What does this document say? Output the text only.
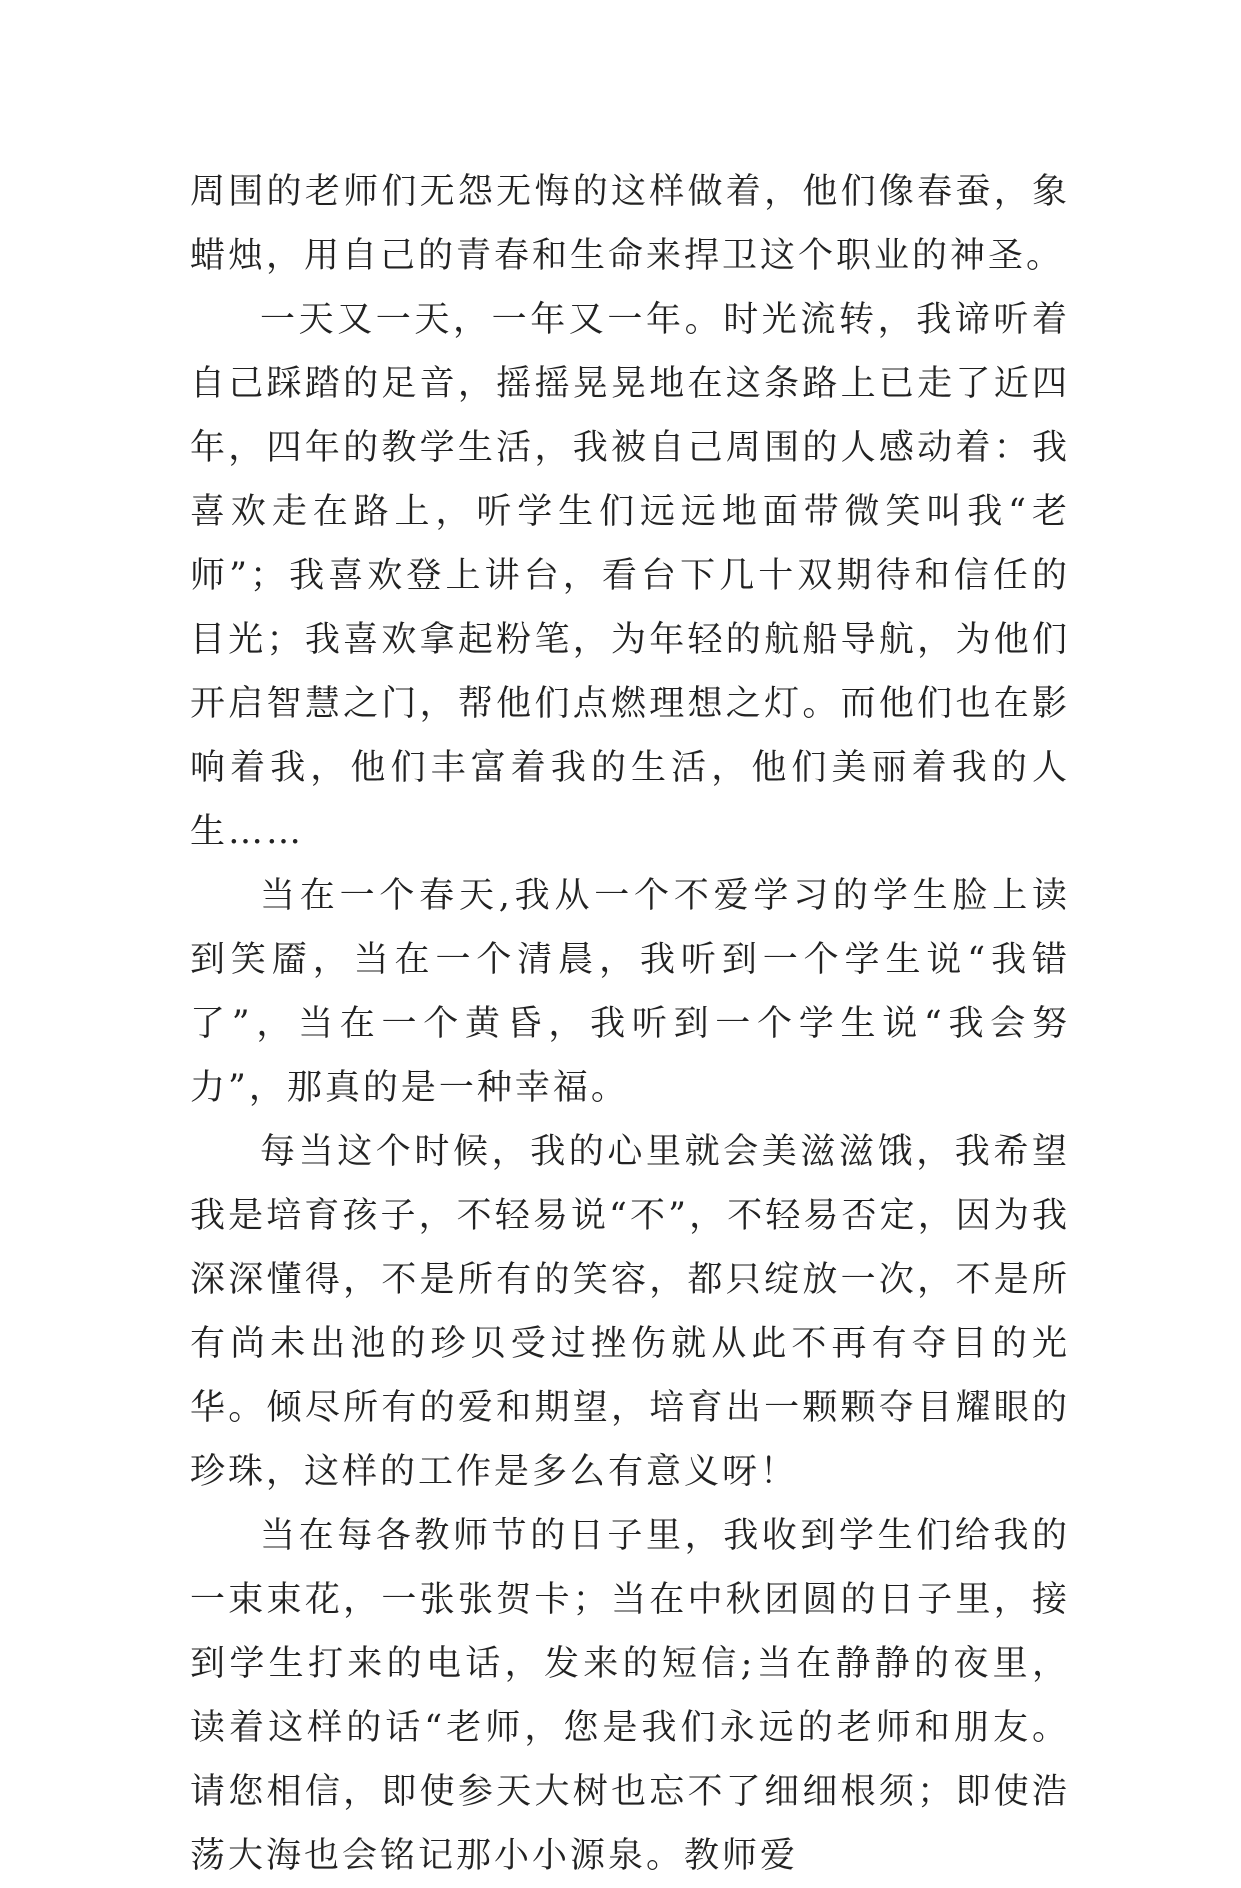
周围的老师们无怨无悔的这样做着，他们像春蚕，象蜡烛，用自己的青春和生命来捍卫这个职业的神圣。

一天又一天，一年又一年。时光流转，我谛听着自己踩踏的足音，摇摇晃晃地在这条路上已走了近四年，四年的教学生活，我被自己周围的人感动着：我喜欢走在路上，听学生们远远地面带微笑叫我“老师”；我喜欢登上讲台，看台下几十双期待和信任的目光；我喜欢拿起粉笔，为年轻的航船导航，为他们开启智慧之门，帮他们点燃理想之灯。而他们也在影响着我，他们丰富着我的生活，他们美丽着我的人生……

当在一个春天,我从一个不爱学习的学生脸上读到笑靥，当在一个清晨，我听到一个学生说“我错了”，当在一个黄昏，我听到一个学生说“我会努力”，那真的是一种幸福。

每当这个时候，我的心里就会美滋滋饿，我希望我是培育孩子，不轻易说“不”，不轻易否定，因为我深深懂得，不是所有的笑容，都只绽放一次，不是所有尚未出池的珍贝受过挫伤就从此不再有夺目的光华。倾尽所有的爱和期望，培育出一颗颗夺目耀眼的珍珠，这样的工作是多么有意义呀！

当在每各教师节的日子里，我收到学生们给我的一束束花，一张张贺卡；当在中秋团圆的日子里，接到学生打来的电话，发来的短信;当在静静的夜里，读着这样的话“老师，您是我们永远的老师和朋友。请您相信，即使参天大树也忘不了细细根须；即使浩荡大海也会铭记那小小源泉。教师爱
